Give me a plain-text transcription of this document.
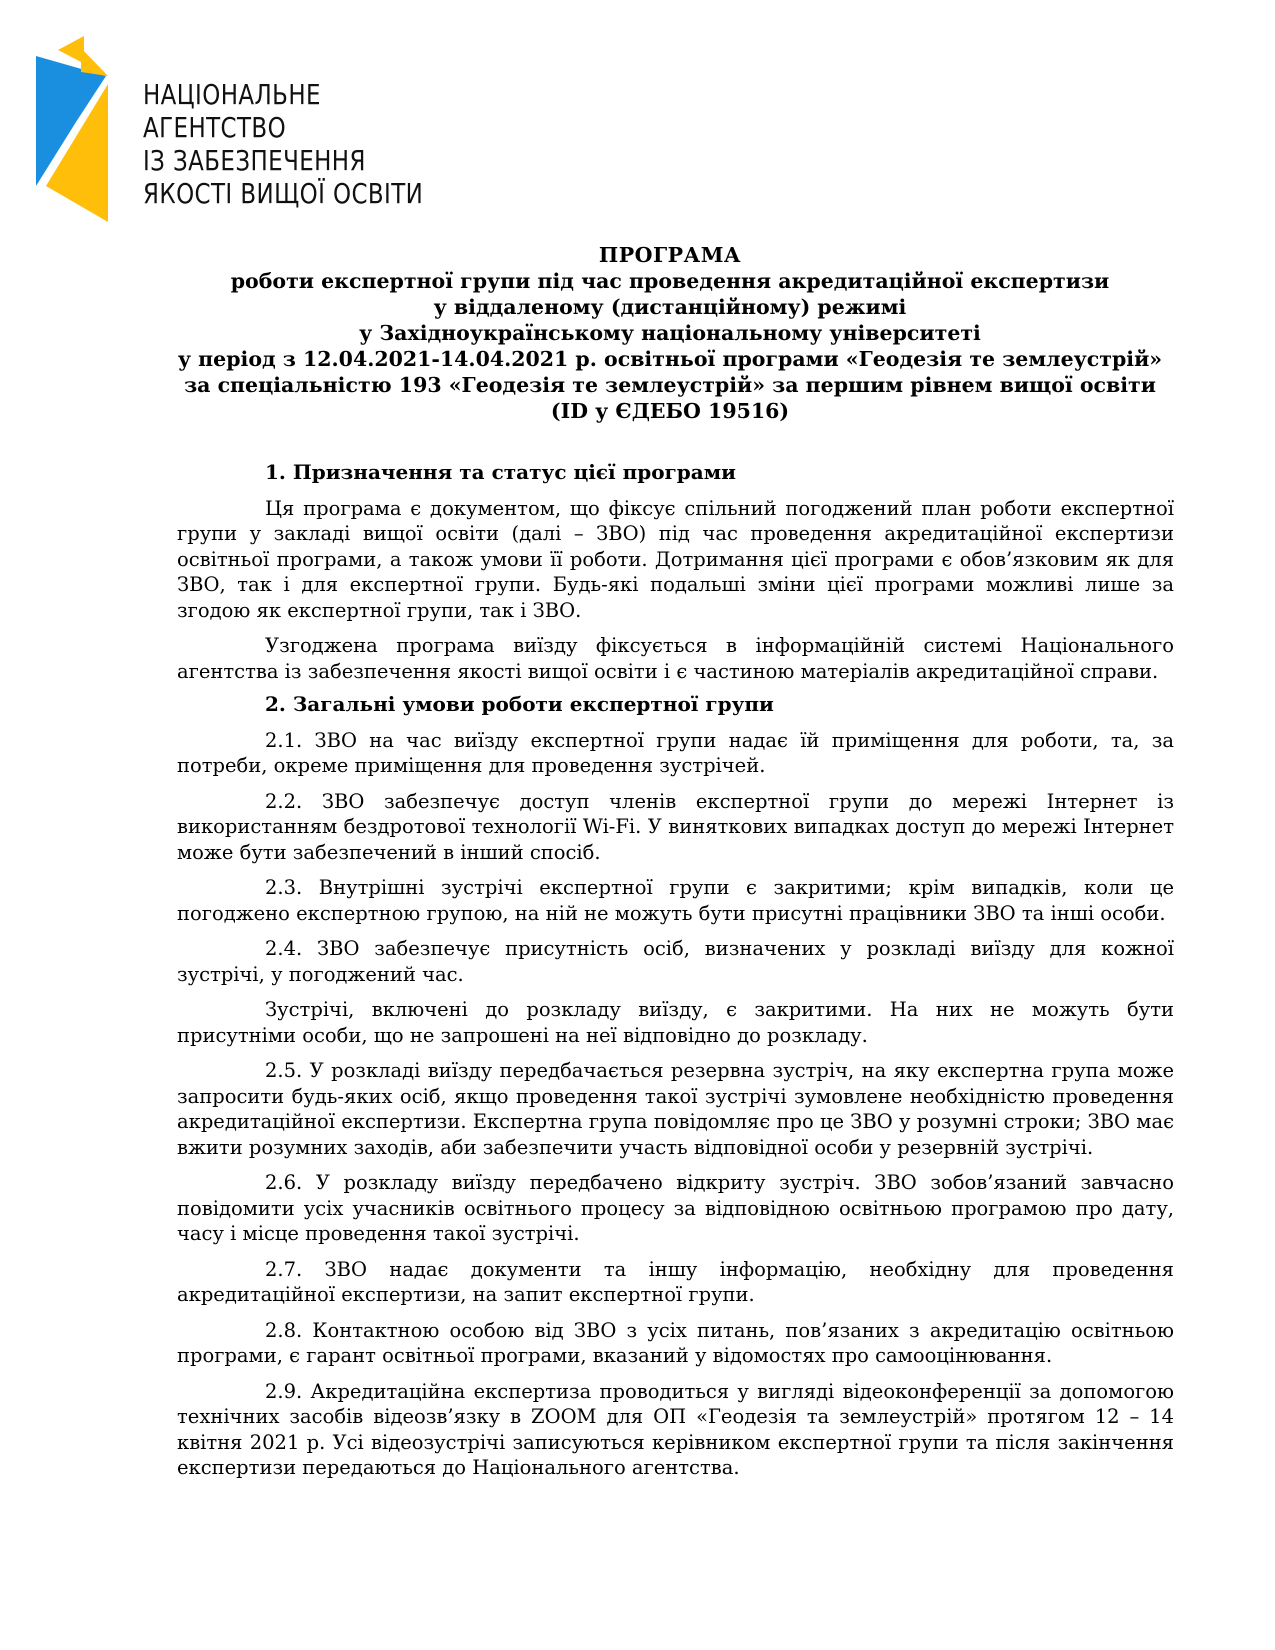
НАЦІОНАЛЬНЕ
АГЕНТСТВО
ІЗ ЗАБЕЗПЕЧЕННЯ
ЯКОСТІ ВИЩОЇ ОСВІТИ
ПРОГРАМА
роботи експертної групи під час проведення акредитаційної експертизи
у віддаленому (дистанційному) режимі
у Західноукраїнському національному університеті
у період з 12.04.2021-14.04.2021 р. освітньої програми «Геодезія те землеустрій»
за спеціальністю 193 «Геодезія те землеустрій» за першим рівнем вищої освіти
(ID у ЄДЕБО 19516)
1. Призначення та статус цієї програми

Ця програма є документом, що фіксує спільний погоджений план роботи експертної групи у закладі вищої освіти (далі – ЗВО) під час проведення акредитаційної експертизи освітньої програми, а також умови її роботи. Дотримання цієї програми є обов’язковим як для ЗВО, так і для експертної групи. Будь-які подальші зміни цієї програми можливі лише за згодою як експертної групи, так і ЗВО.

Узгоджена програма виїзду фіксується в інформаційній системі Національного агентства із забезпечення якості вищої освіти і є частиною матеріалів акредитаційної справи.

2. Загальні умови роботи експертної групи

2.1. ЗВО на час виїзду експертної групи надає їй приміщення для роботи, та, за потреби, окреме приміщення для проведення зустрічей.

2.2. ЗВО забезпечує доступ членів експертної групи до мережі Інтернет із використанням бездротової технології Wi-Fi. У виняткових випадках доступ до мережі Інтернет може бути забезпечений в інший спосіб.

2.3. Внутрішні зустрічі експертної групи є закритими; крім випадків, коли це погоджено експертною групою, на ній не можуть бути присутні працівники ЗВО та інші особи.

2.4. ЗВО забезпечує присутність осіб, визначених у розкладі виїзду для кожної зустрічі, у погоджений час.

Зустрічі, включені до розкладу виїзду, є закритими. На них не можуть бути присутніми особи, що не запрошені на неї відповідно до розкладу.

2.5. У розкладі виїзду передбачається резервна зустріч, на яку експертна група може запросити будь-яких осіб, якщо проведення такої зустрічі зумовлене необхідністю проведення акредитаційної експертизи. Експертна група повідомляє про це ЗВО у розумні строки; ЗВО має вжити розумних заходів, аби забезпечити участь відповідної особи у резервній зустрічі.

2.6. У розкладу виїзду передбачено відкриту зустріч. ЗВО зобов’язаний завчасно повідомити усіх учасників освітнього процесу за відповідною освітньою програмою про дату, часу і місце проведення такої зустрічі.

2.7. ЗВО надає документи та іншу інформацію, необхідну для проведення акредитаційної експертизи, на запит експертної групи.

2.8. Контактною особою від ЗВО з усіх питань, пов’язаних з акредитацію освітньою програми, є гарант освітньої програми, вказаний у відомостях про самооцінювання.

2.9. Акредитаційна експертиза проводиться у вигляді відеоконференції за допомогою технічних засобів відеозв’язку в ZOOM для ОП «Геодезія та землеустрій» протягом 12 – 14 квітня 2021 р. Усі відеозустрічі записуються керівником експертної групи та після закінчення експертизи передаються до Національного агентства.
